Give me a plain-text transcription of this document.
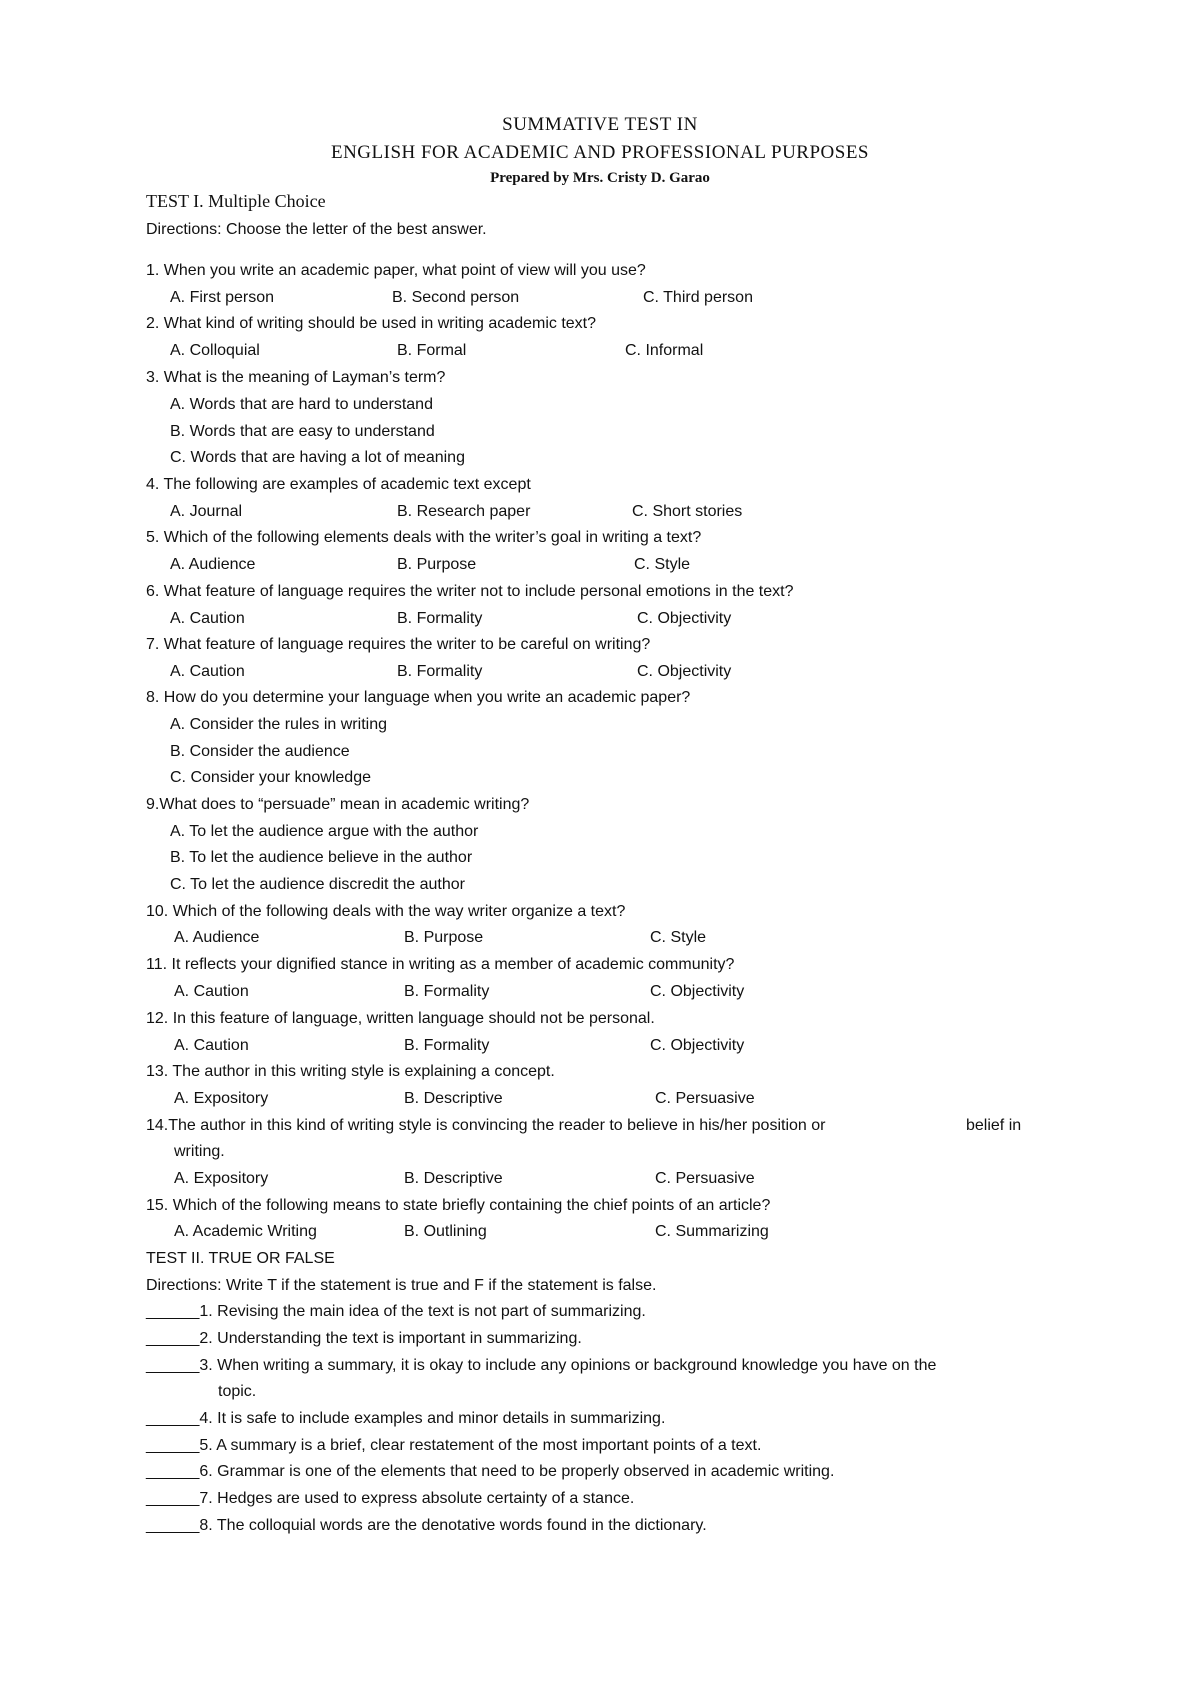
SUMMATIVE TEST IN
ENGLISH FOR ACADEMIC AND PROFESSIONAL PURPOSES
Prepared by Mrs. Cristy D. Garao
TEST I. Multiple Choice
Directions: Choose the letter of the best answer.
1. When you write an academic paper, what point of view will you use?
A. First person	B. Second person	C. Third person
2. What kind of writing should be used in writing academic text?
A. Colloquial	B. Formal	C. Informal
3. What is the meaning of Layman’s term?
A. Words that are hard to understand
B. Words that are easy to understand
C. Words that are having a lot of meaning
4. The following are examples of academic text except
A. Journal	B. Research paper	C. Short stories
5. Which of the following elements deals with the writer’s goal in writing a text?
A. Audience	B. Purpose	C. Style
6. What feature of language requires the writer not to include personal emotions in the text?
A. Caution	B. Formality	C. Objectivity
7. What feature of language requires the writer to be careful on writing?
A. Caution	B. Formality	C. Objectivity
8. How do you determine your language when you write an academic paper?
A. Consider the rules in writing
B. Consider the audience
C. Consider your knowledge
9.What does to “persuade” mean in academic writing?
A. To let the audience argue with the author
B. To let the audience believe in the author
C. To let the audience discredit the author
10. Which of the following deals with the way writer organize a text?
A. Audience	B. Purpose	C. Style
11. It reflects your dignified stance in writing as a member of academic community?
A. Caution	B. Formality	C. Objectivity
12. In this feature of language, written language should not be personal.
A. Caution	B. Formality	C. Objectivity
13. The author in this writing style is explaining a concept.
A. Expository	B. Descriptive	C. Persuasive
14.The author in this kind of writing style is convincing the reader to believe in his/her position or	belief in
writing.
A. Expository	B. Descriptive	C. Persuasive
15. Which of the following means to state briefly containing the chief points of an article?
A. Academic Writing	B. Outlining	C. Summarizing
TEST II. TRUE OR FALSE
Directions: Write T if the statement is true and F if the statement is false.
______1. Revising the main idea of the text is not part of summarizing.
______2. Understanding the text is important in summarizing.
______3. When writing a summary, it is okay to include any opinions or background knowledge you have on the
topic.
______4. It is safe to include examples and minor details in summarizing.
______5. A summary is a brief, clear restatement of the most important points of a text.
______6. Grammar is one of the elements that need to be properly observed in academic writing.
______7. Hedges are used to express absolute certainty of a stance.
______8. The colloquial words are the denotative words found in the dictionary.
